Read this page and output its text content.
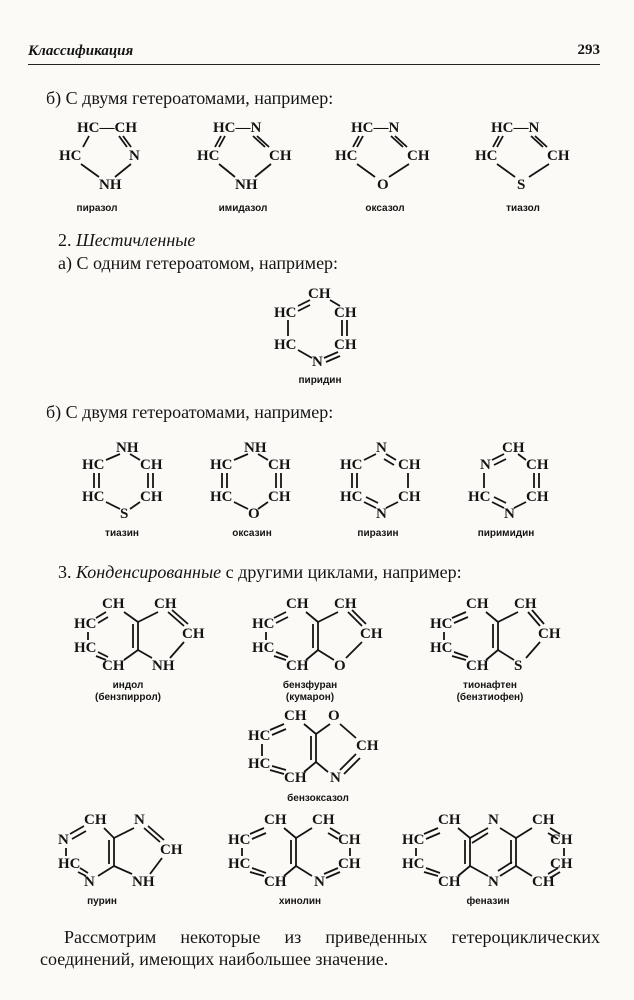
Классификация	293
б) С двумя гетероатомами, например:
HC—CH
HC	N
NH
пиразол
HC—N
HC	CH
NH
имидазол
HC—N
HC	CH
O
оксазол
HC—N
HC	CH
S
тиазол
2. Шестичленные
а) С одним гетероатомом, например:
CH
HC	CH
HC	CH
N
пиридин
б) С двумя гетероатомами, например:
NH
HC CH
HC CH
S
тиазин
NH
HC CH
HC CH
O
оксазин
N
HC CH
HC CH
N
пиразин
CH
N CH
HC CH
N
пиримидин
3. Конденсированные с другими циклами, например:
CH CH
HC
CH
HC
CH NH
индол
(бензпиррол)
CH CH
HC
CH
HC
CH O
бензфуран
(кумарон)
CH CH
HC
CH
HC
CH S
тионафтен
(бензтиофен)
CH O
HC
CH
HC
CH N
бензоксазол
CH N
N
CH
HC
N NH
пурин
CH CH
HC	CH
HC	CH
CH N
хинолин
CH N CH
HC	CH
HC	CH
CH N CH
феназин
Рассмотрим некоторые из приведенных гетероциклических соединений, имеющих наибольшее значение.
